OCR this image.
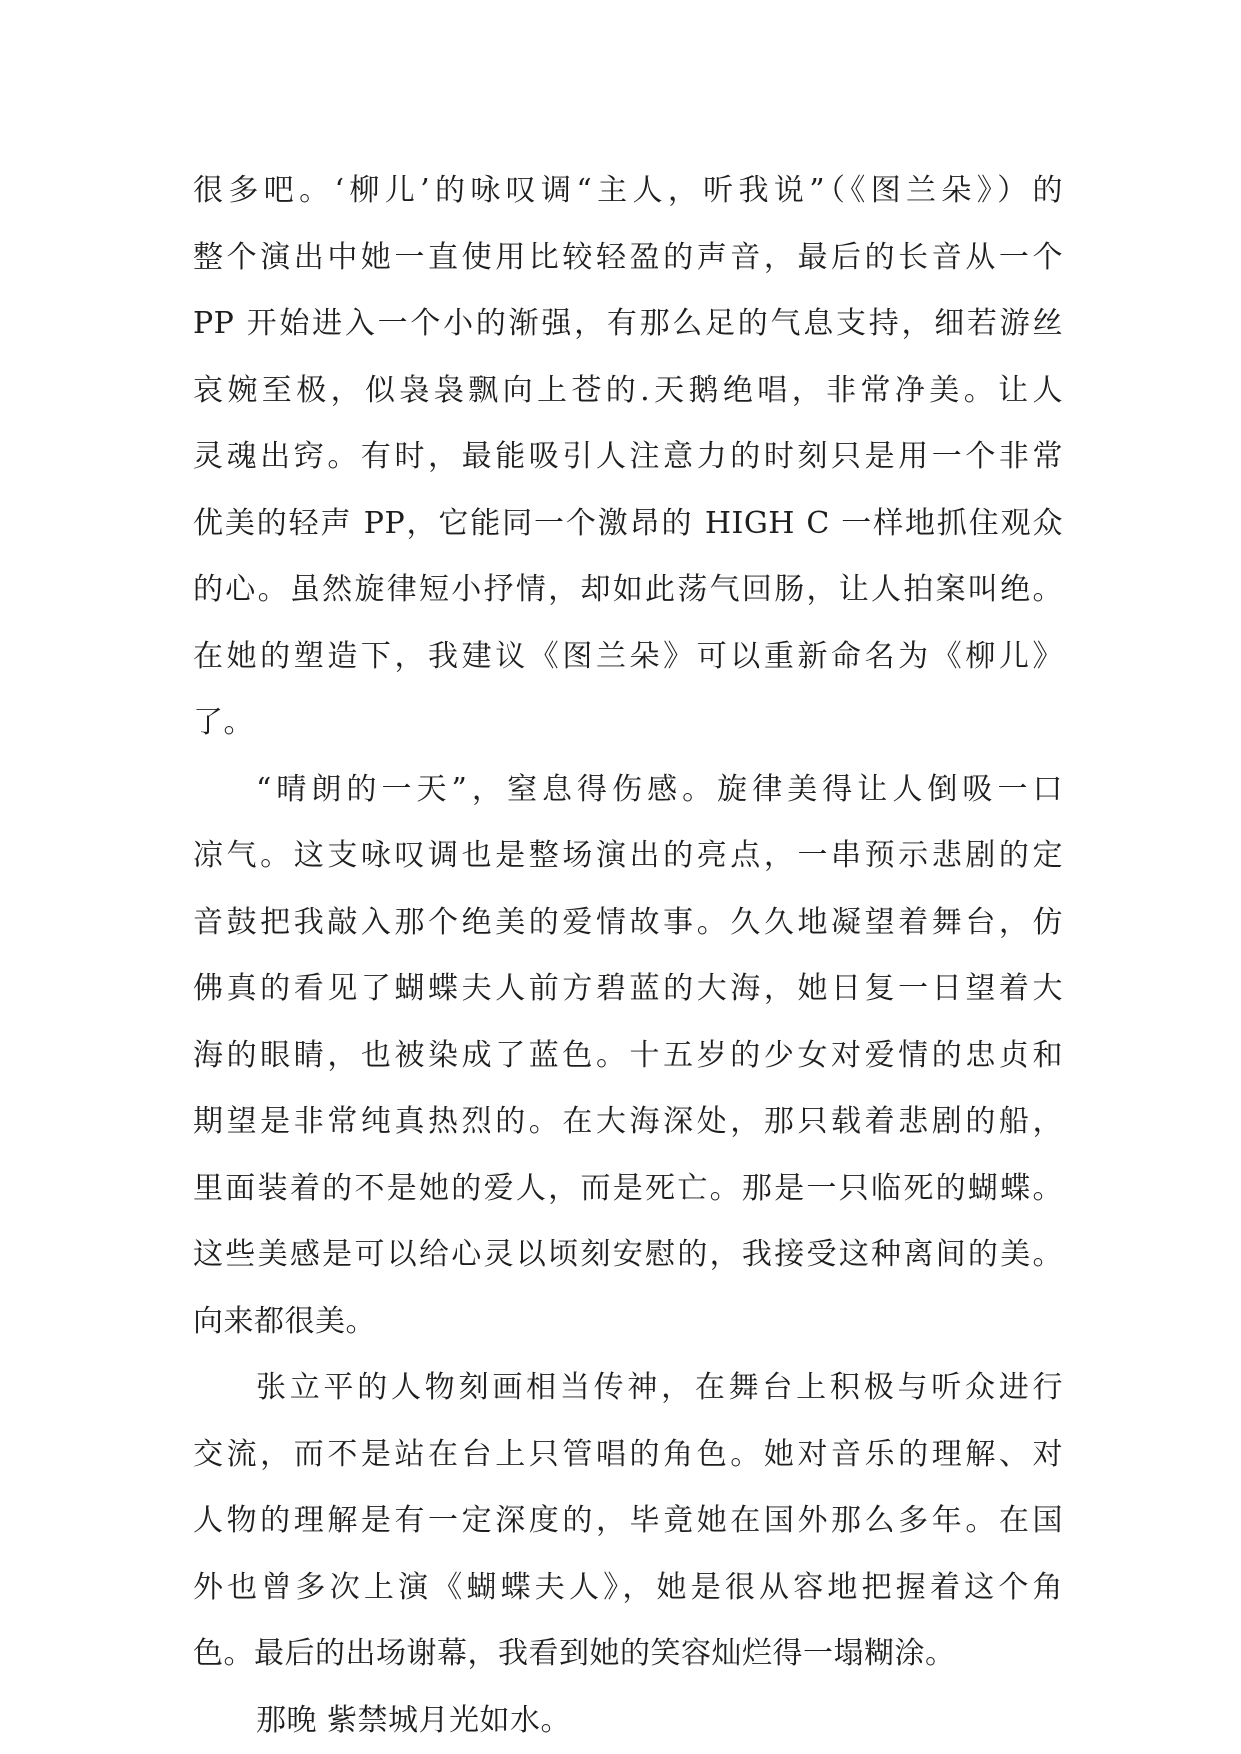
很多吧。‘柳儿’的咏叹调“主人，听我说”（《图兰朵》）的
整个演出中她一直使用比较轻盈的声音，最后的长音从一个
PP 开始进入一个小的渐强，有那么足的气息支持，细若游丝
哀婉至极，似袅袅飘向上苍的.天鹅绝唱，非常净美。让人
灵魂出窍。有时，最能吸引人注意力的时刻只是用一个非常
优美的轻声 PP，它能同一个激昂的 HIGH C 一样地抓住观众
的心。虽然旋律短小抒情，却如此荡气回肠，让人拍案叫绝。
在她的塑造下，我建议《图兰朵》可以重新命名为《柳儿》
了。
“晴朗的一天”，窒息得伤感。旋律美得让人倒吸一口
凉气。这支咏叹调也是整场演出的亮点，一串预示悲剧的定
音鼓把我敲入那个绝美的爱情故事。久久地凝望着舞台，仿
佛真的看见了蝴蝶夫人前方碧蓝的大海，她日复一日望着大
海的眼睛，也被染成了蓝色。十五岁的少女对爱情的忠贞和
期望是非常纯真热烈的。在大海深处，那只载着悲剧的船，
里面装着的不是她的爱人，而是死亡。那是一只临死的蝴蝶。
这些美感是可以给心灵以顷刻安慰的，我接受这种离间的美。
向来都很美。
张立平的人物刻画相当传神，在舞台上积极与听众进行
交流，而不是站在台上只管唱的角色。她对音乐的理解、对
人物的理解是有一定深度的，毕竟她在国外那么多年。在国
外也曾多次上演《蝴蝶夫人》，她是很从容地把握着这个角
色。最后的出场谢幕，我看到她的笑容灿烂得一塌糊涂。
那晚 紫禁城月光如水。
